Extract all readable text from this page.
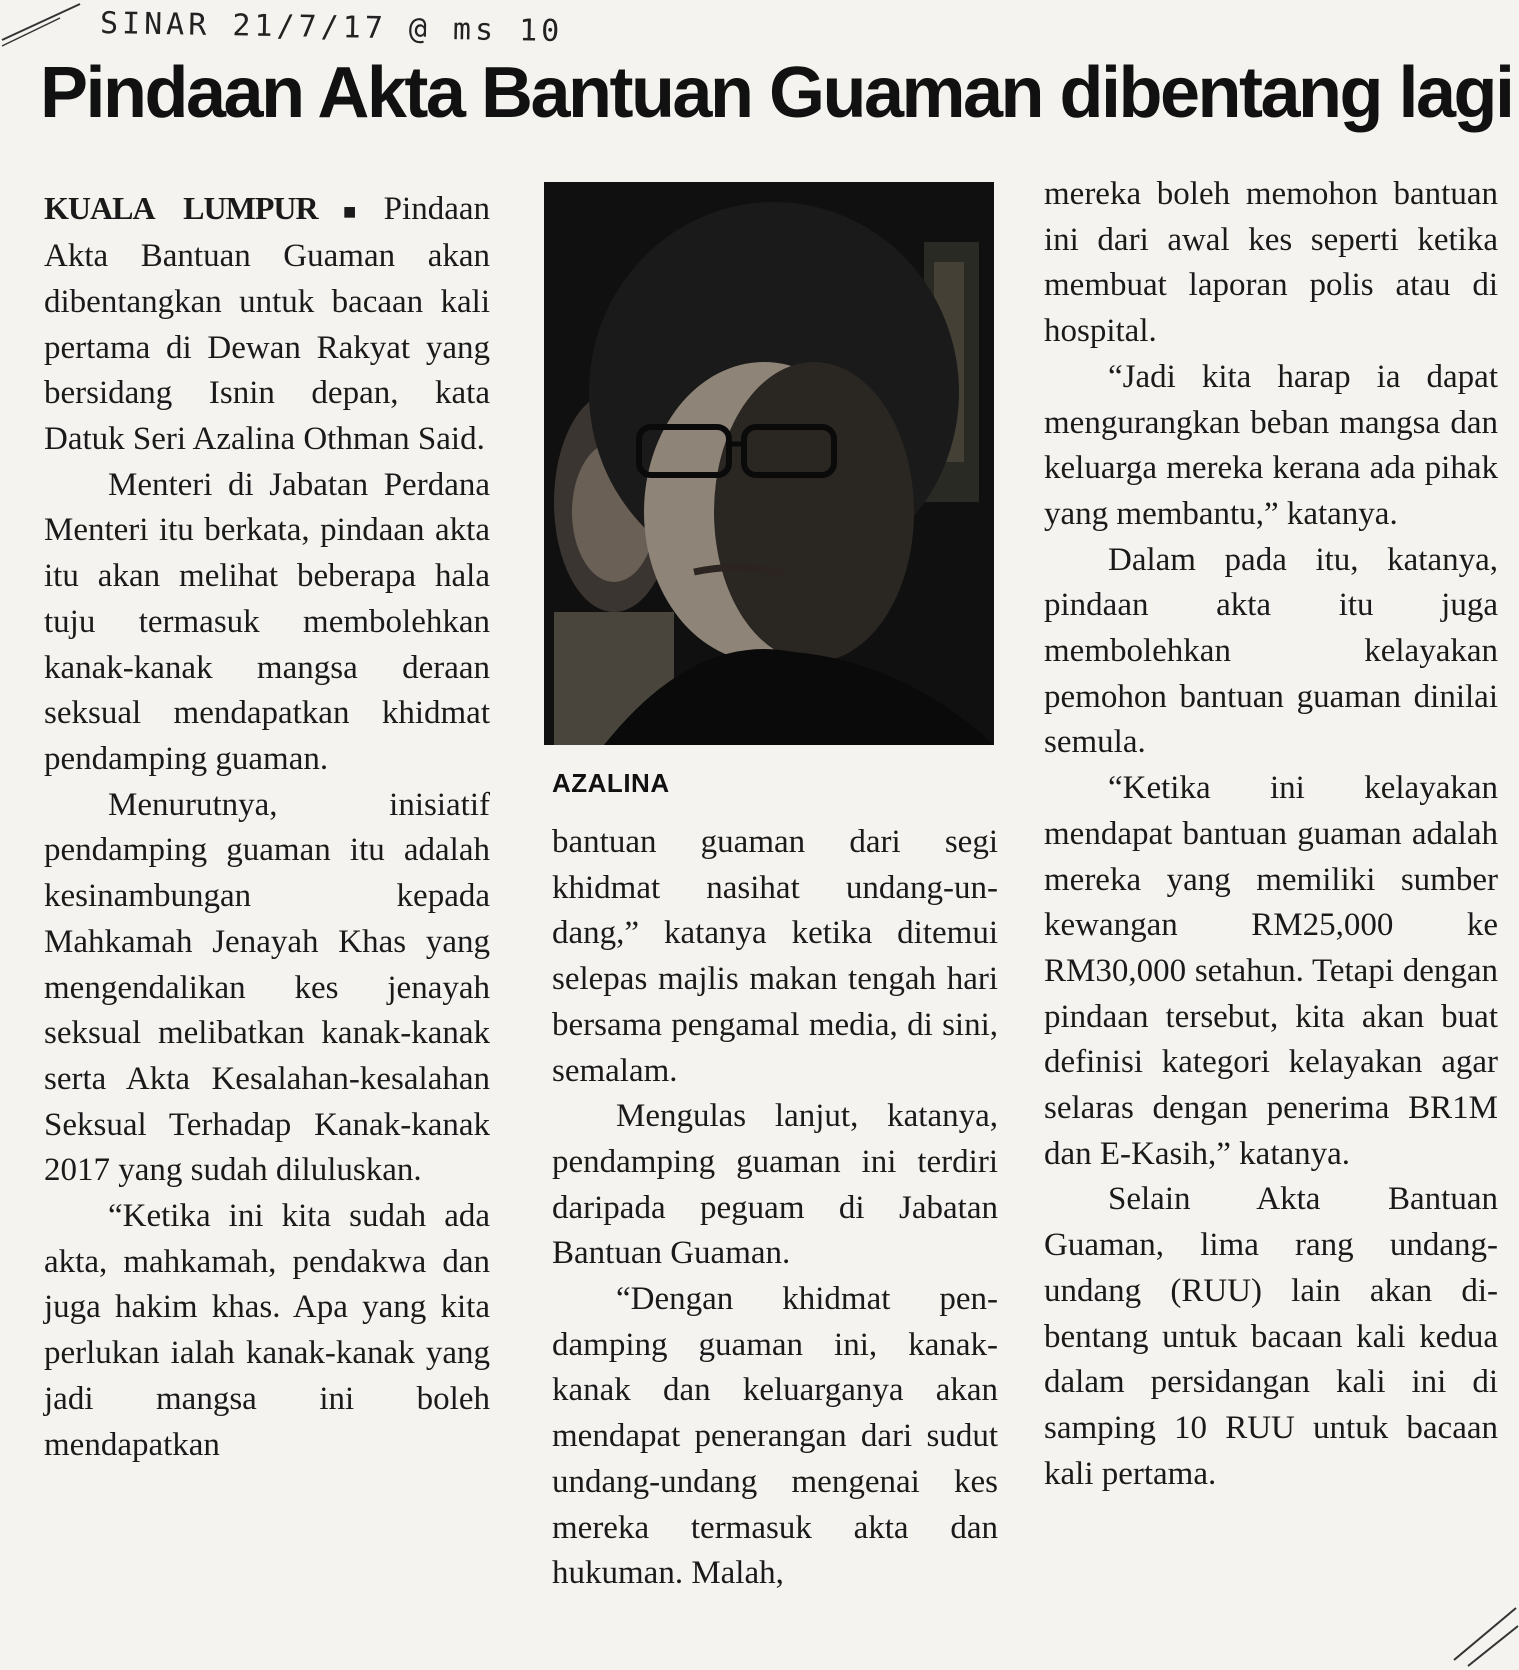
SINAR 21/7/17 @ ms 10
Pindaan Akta Bantuan Guaman dibentang lagi

KUALA LUMPUR■ Pindaan Akta Bantuan Guaman akan dibentangkan untuk bacaan kali pertama di Dewan Rakyat yang bersidang Isnin depan, kata Datuk Seri Azalina Othman Said.

Menteri di Jabatan Perdana Menteri itu berkata, pindaan akta itu akan melihat beberapa hala tuju termasuk membolehkan kanak-kanak mangsa deraan seksual mendapatkan khidmat pendamping guaman.

Menurutnya, inisiatif pendamping guaman itu adalah kesinambungan kepada Mahkamah Jenayah Khas yang mengendalikan kes jenayah seksual melibatkan kanak-kanak serta Akta Kesalahan-kesalahan Seksual Terhadap Kanak-kanak 2017 yang sudah diluluskan.

“Ketika ini kita sudah ada akta, mahkamah, pendakwa dan juga hakim khas. Apa yang kita perlukan ialah kanak-kanak yang jadi mangsa ini boleh mendapatkan

AZALINA

bantuan guaman dari segi khidmat nasihat undang-undang,” katanya ketika ditemui selepas majlis makan tengah hari bersama pengamal media, di sini, semalam.

Mengulas lanjut, katanya, pendamping guaman ini terdiri daripada peguam di Jabatan Bantuan Guaman.

“Dengan khidmat pendamping guaman ini, kanak-kanak dan keluarganya akan mendapat penerangan dari sudut undang-undang mengenai kes mereka termasuk akta dan hukuman. Malah,

mereka boleh memohon bantuan ini dari awal kes seperti ketika membuat laporan polis atau di hospital.

“Jadi kita harap ia dapat mengurangkan beban mangsa dan keluarga mereka kerana ada pihak yang membantu,” katanya.

Dalam pada itu, katanya, pindaan akta itu juga membolehkan kelayakan pemohon bantuan guaman dinilai semula.

“Ketika ini kelayakan mendapat bantuan guaman adalah mereka yang memiliki sumber kewangan RM25,000 ke RM30,000 setahun. Tetapi dengan pindaan tersebut, kita akan buat definisi kategori kelayakan agar selaras dengan penerima BR1M dan E-Kasih,” katanya.

Selain Akta Bantuan Guaman, lima rang undang-undang (RUU) lain akan dibentang untuk bacaan kali kedua dalam persidangan kali ini di samping 10 RUU untuk bacaan kali pertama.
